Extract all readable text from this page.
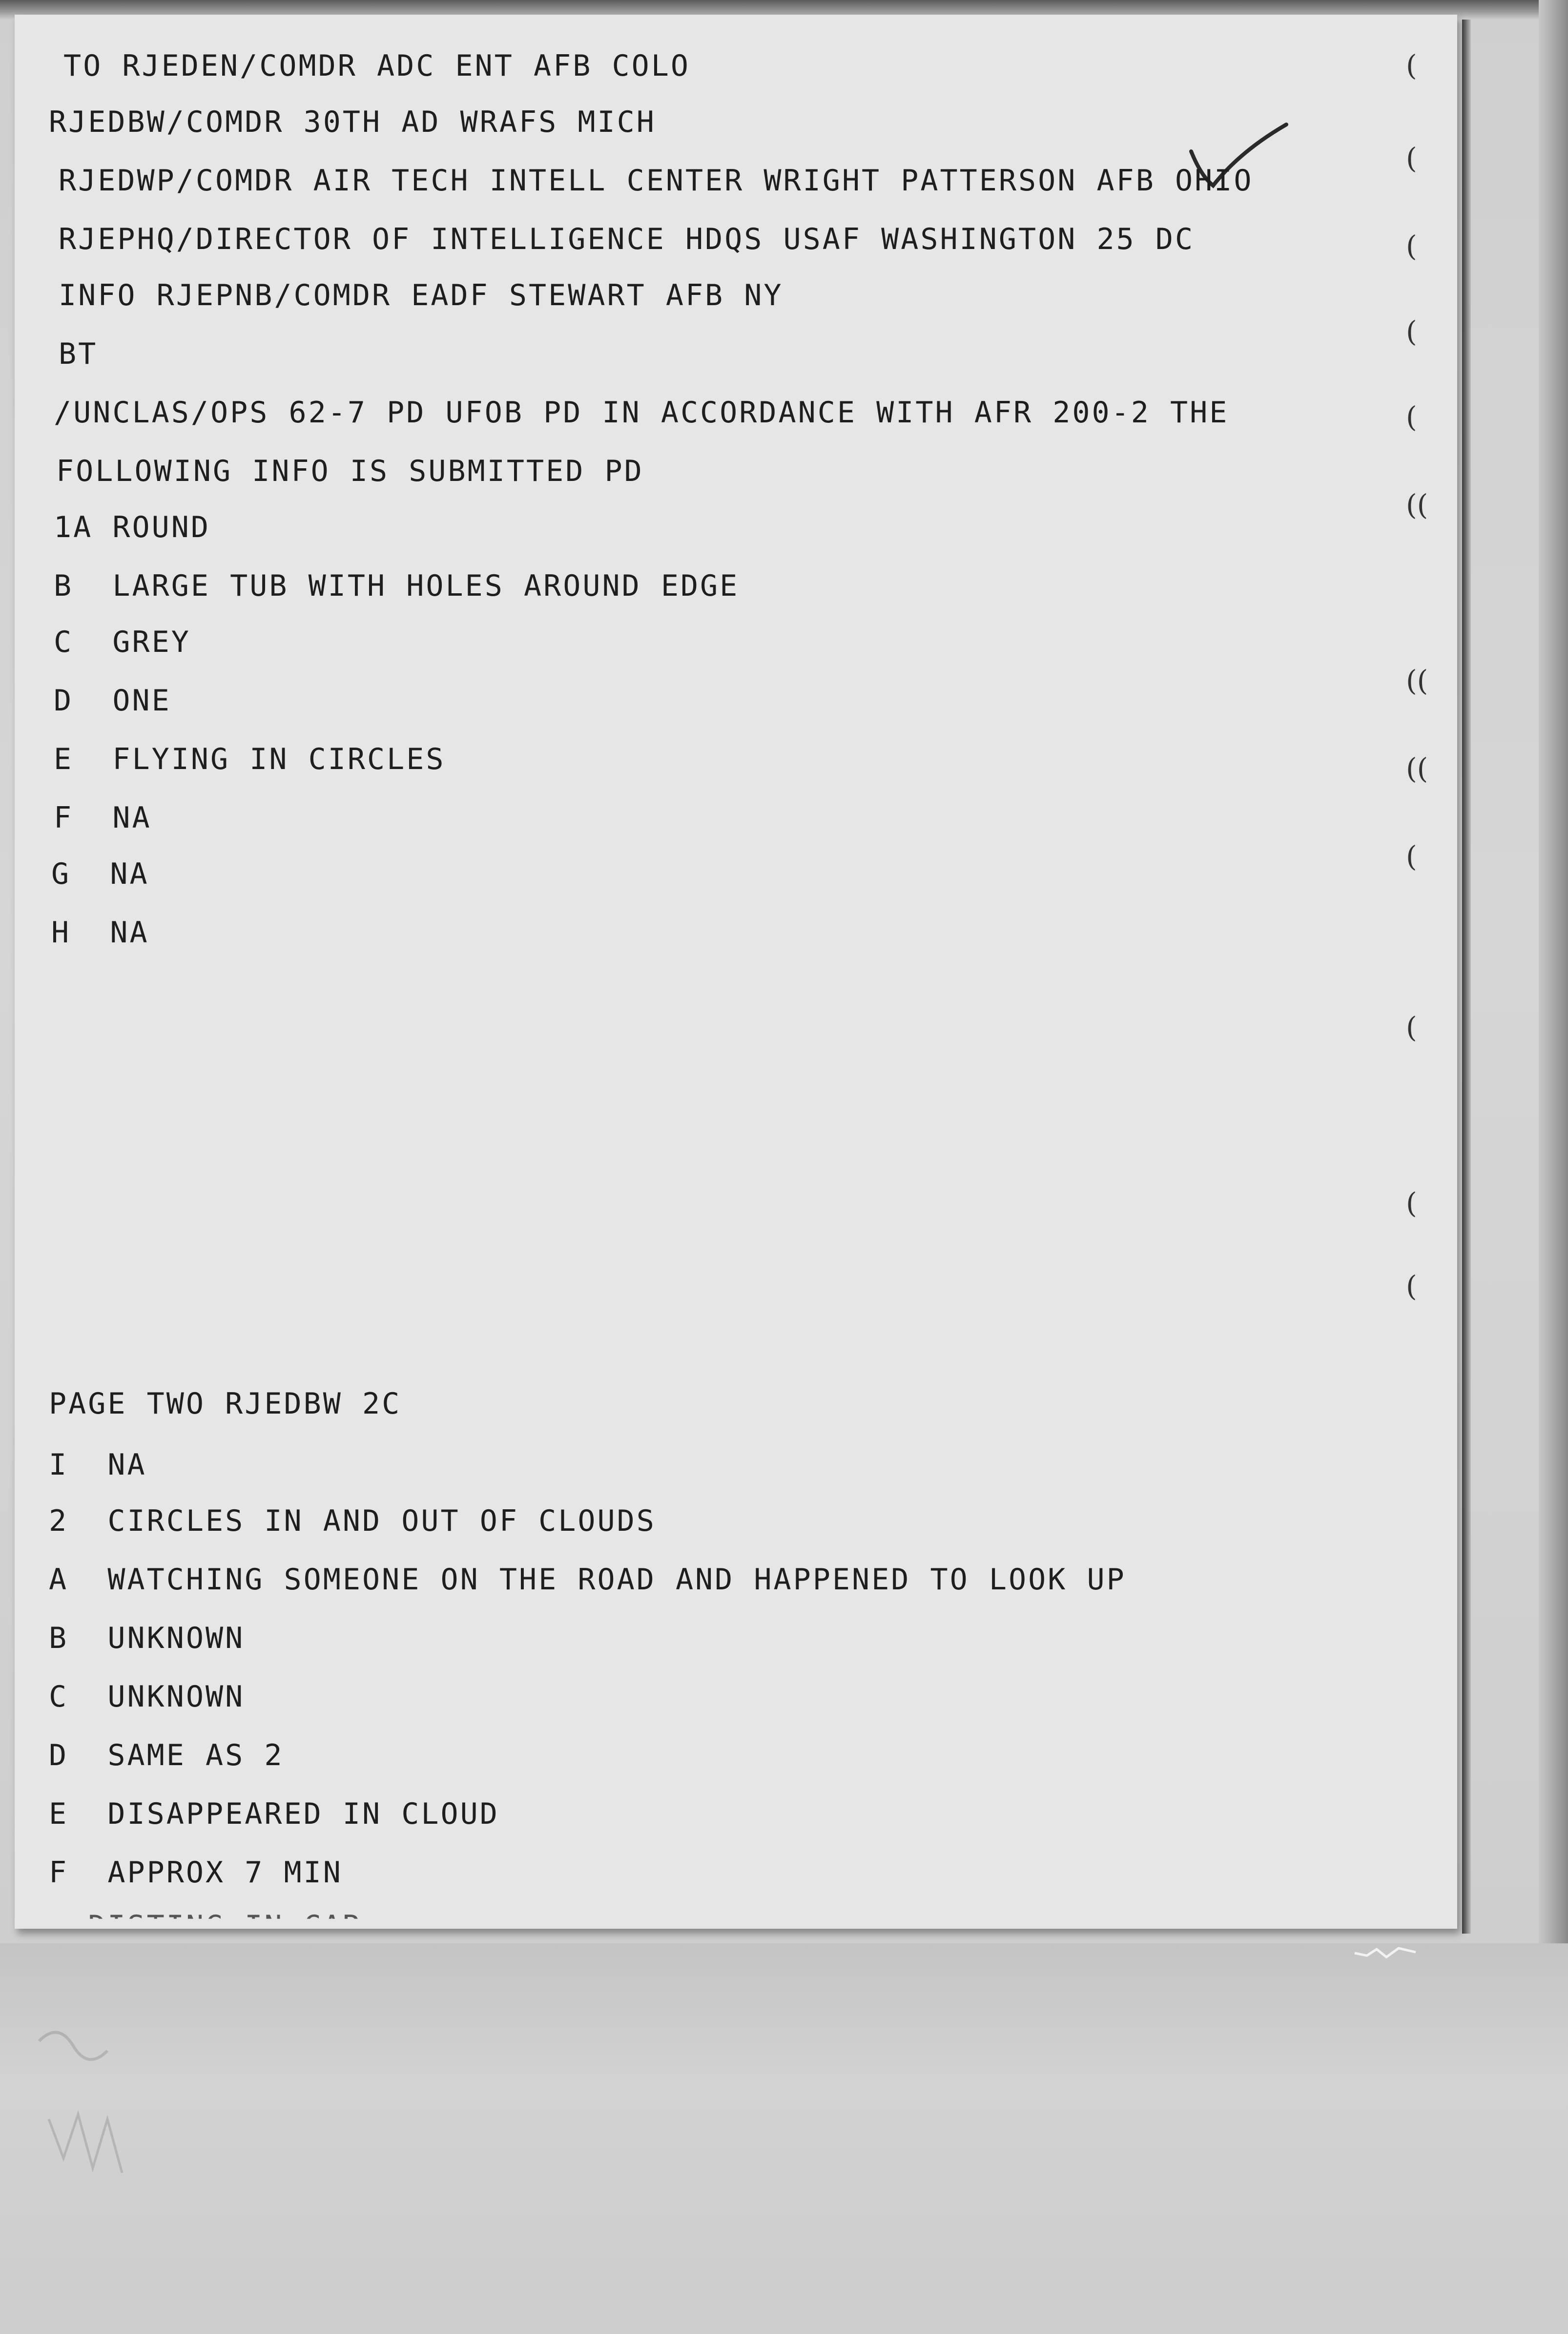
(
(
(
(
(
((
((
((
(
(
(
(
TO RJEDEN/COMDR ADC ENT AFB COLO
RJEDBW/COMDR 30TH AD WRAFS MICH
RJEDWP/COMDR AIR TECH INTELL CENTER WRIGHT PATTERSON AFB OHIO
RJEPHQ/DIRECTOR OF INTELLIGENCE HDQS USAF WASHINGTON 25 DC
INFO RJEPNB/COMDR EADF STEWART AFB NY
BT
/UNCLAS/OPS 62-7 PD UFOB PD IN ACCORDANCE WITH AFR 200-2 THE
FOLLOWING INFO IS SUBMITTED PD
1A ROUND
B  LARGE TUB WITH HOLES AROUND EDGE
C  GREY
D  ONE
E  FLYING IN CIRCLES
F  NA
G  NA
H  NA
PAGE TWO RJEDBW 2C
I  NA
2  CIRCLES IN AND OUT OF CLOUDS
A  WATCHING SOMEONE ON THE ROAD AND HAPPENED TO LOOK UP
B  UNKNOWN
C  UNKNOWN
D  SAME AS 2
E  DISAPPEARED IN CLOUD
F  APPROX 7 MIN
